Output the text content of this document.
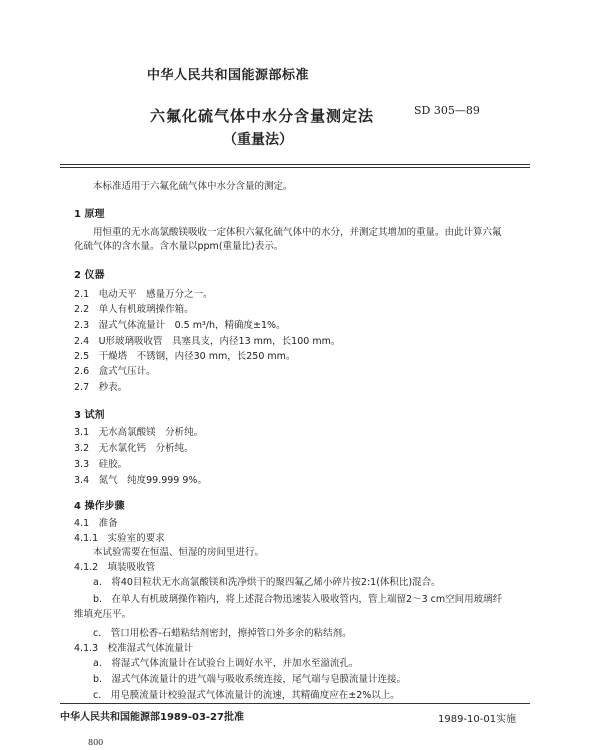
中华人民共和国能源部标准
六氟化硫气体中水分含量测定法	SD 305—89
（重量法）
本标准适用于六氟化硫气体中水分含量的测定。
1 原理
用恒重的无水高氯酸镁吸收一定体积六氟化硫气体中的水分，并测定其增加的重量。由此计算六氟
化硫气体的含水量。含水量以ppm(重量比)表示。
2 仪器
2.1　电动天平　感量万分之一。
2.2　单人有机玻璃操作箱。
2.3　湿式气体流量计　0.5 m³/h，精确度±1%。
2.4　U形玻璃吸收管　具塞具支，内径13 mm，长100 mm。
2.5　干燥塔　不锈钢，内径30 mm，长250 mm。
2.6　盒式气压计。
2.7　秒表。
3 试剂
3.1　无水高氯酸镁　分析纯。
3.2　无水氯化钙　分析纯。
3.3　硅胶。
3.4　氮气　纯度99.999 9%。
4 操作步骤
4.1　准备
4.1.1　实验室的要求
本试验需要在恒温、恒湿的房间里进行。
4.1.2　填装吸收管
a.　将40目粒状无水高氯酸镁和洗净烘干的聚四氟乙烯小碎片按2:1(体积比)混合。
b.　在单人有机玻璃操作箱内，将上述混合物迅速装入吸收管内，管上端留2～3 cm空间用玻璃纤
维填充压平。
c.　管口用松香-石蜡粘结剂密封，擦掉管口外多余的粘结剂。
4.1.3　校准湿式气体流量计
a.　将湿式气体流量计在试验台上调好水平，并加水至溢流孔。
b.　湿式气体流量计的进气端与吸收系统连接，尾气端与皂膜流量计连接。
c.　用皂膜流量计校验湿式气体流量计的流速，其精确度应在±2%以上。
中华人民共和国能源部1989-03-27批准	1989-10-01实施
800
